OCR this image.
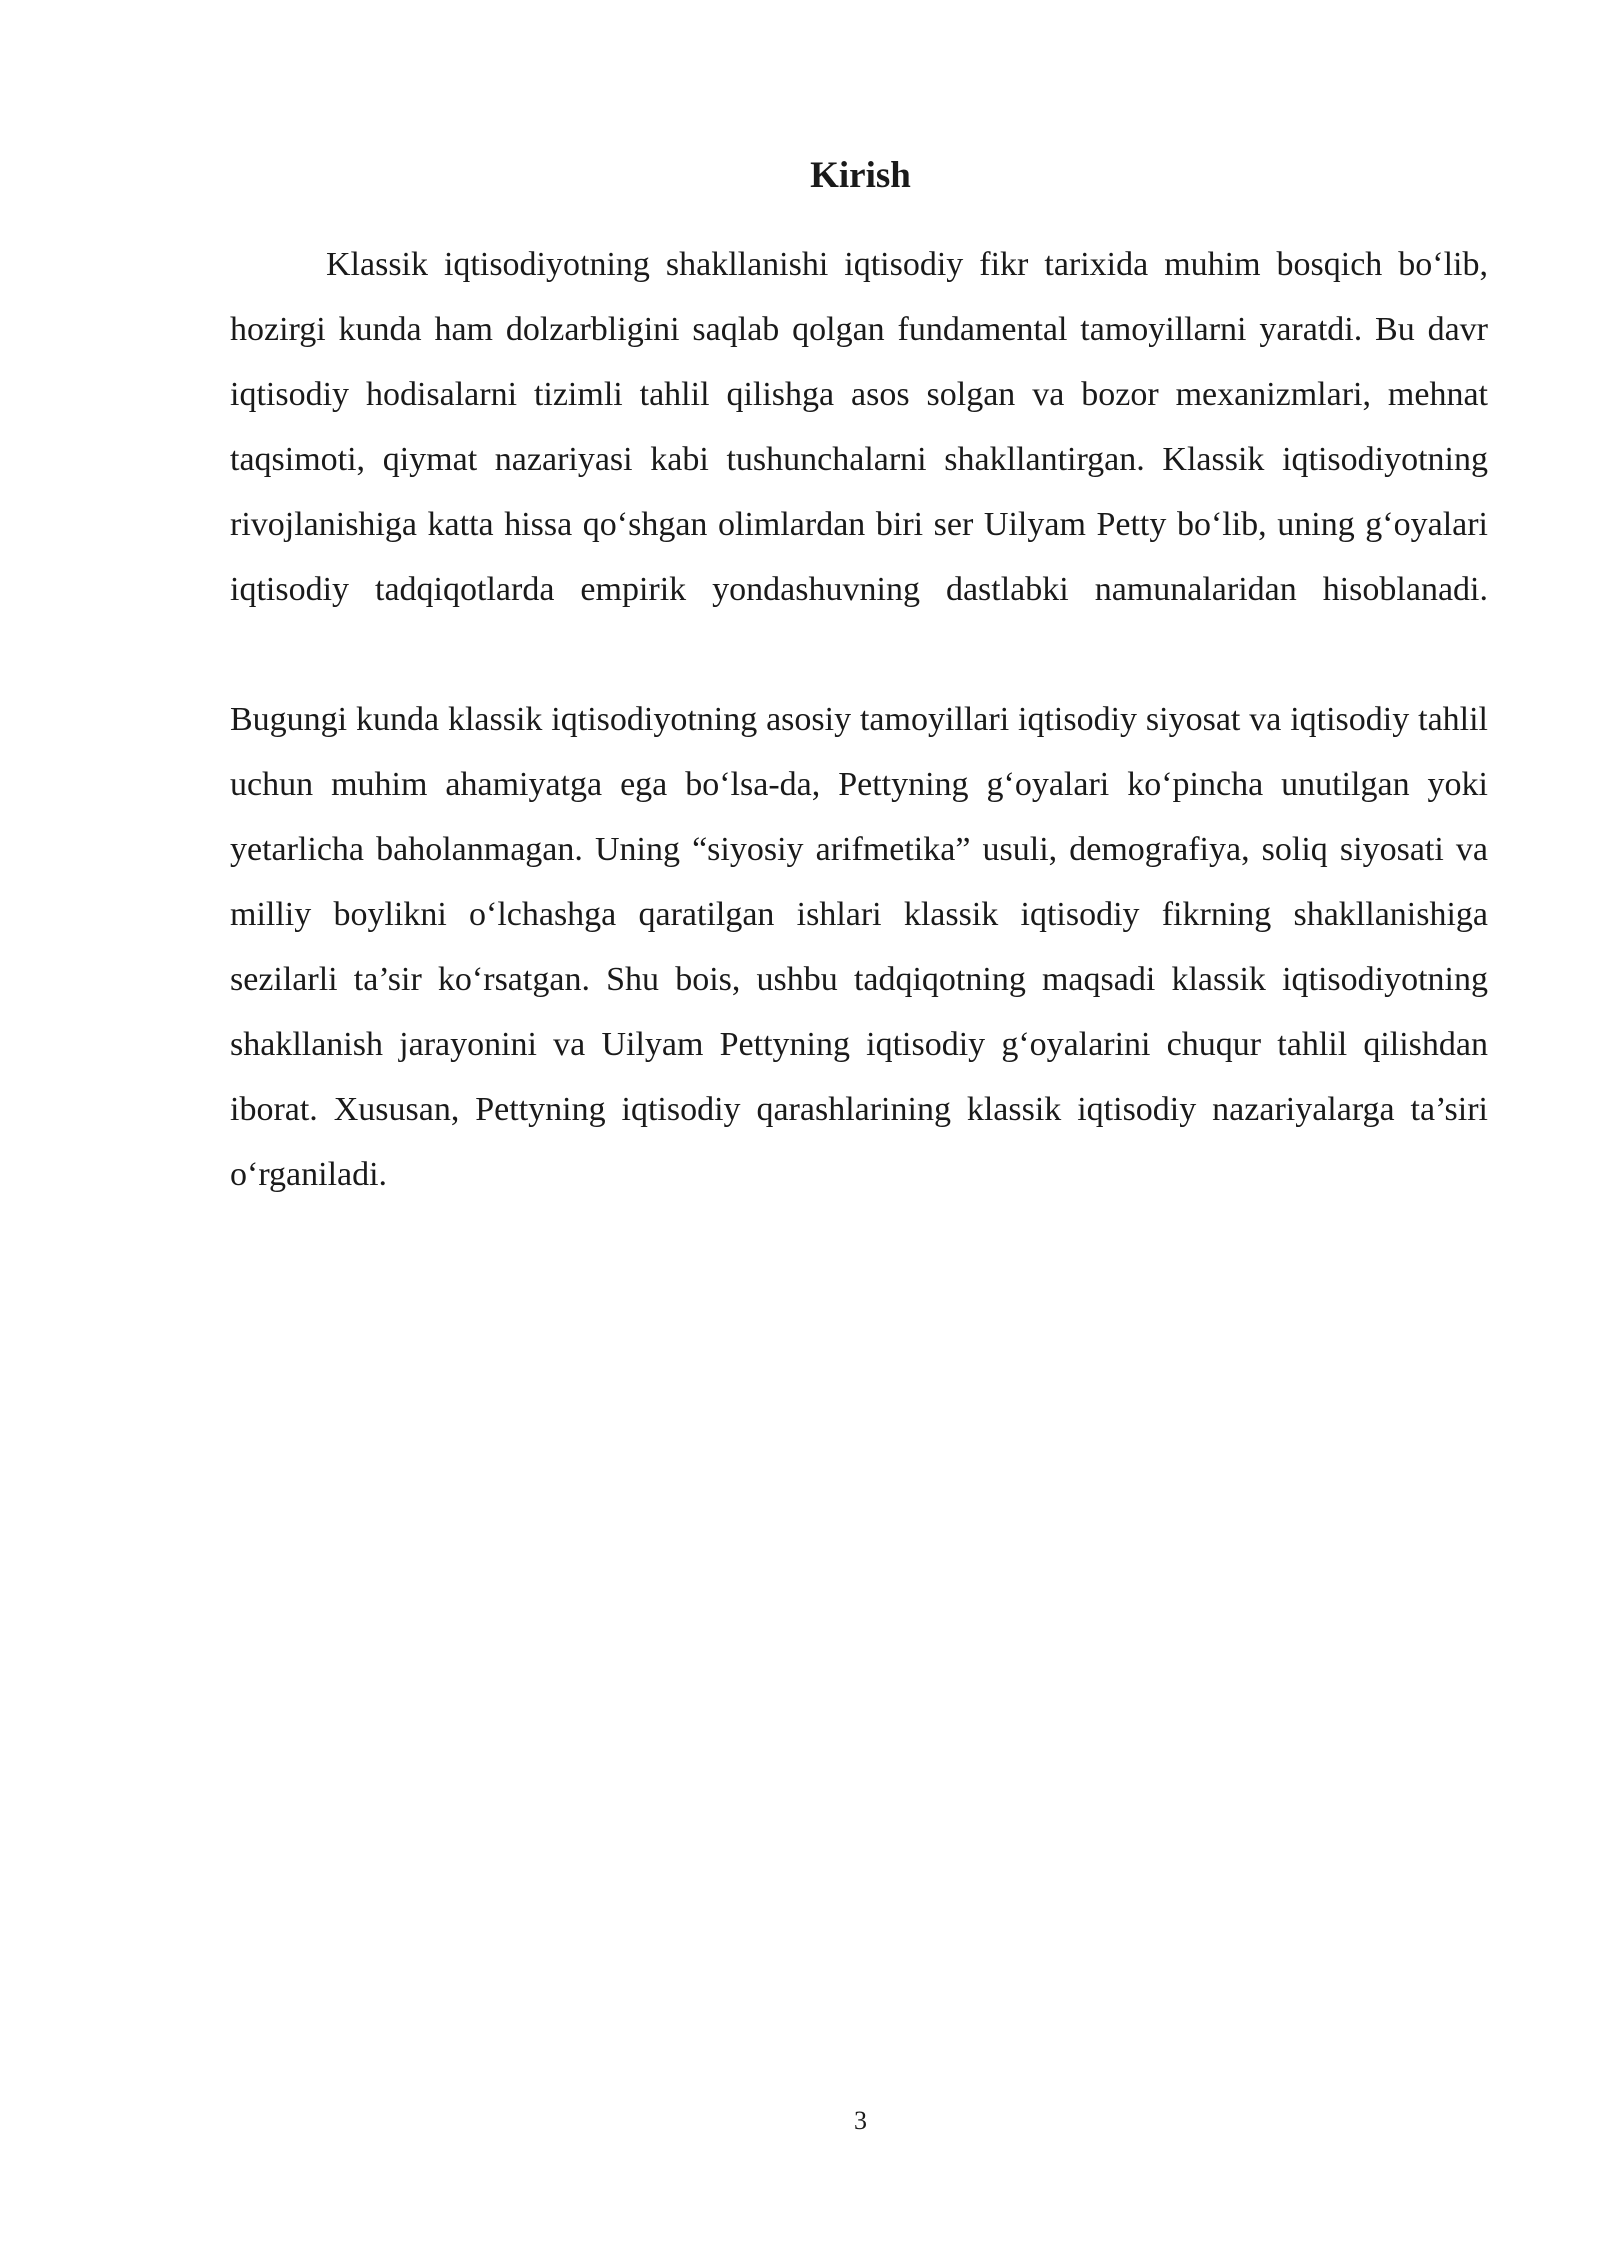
Kirish

Klassik iqtisodiyotning shakllanishi iqtisodiy fikr tarixida muhim bosqich bo‘lib, hozirgi kunda ham dolzarbligini saqlab qolgan fundamental tamoyillarni yaratdi. Bu davr iqtisodiy hodisalarni tizimli tahlil qilishga asos solgan va bozor mexanizmlari, mehnat taqsimoti, qiymat nazariyasi kabi tushunchalarni shakllantirgan. Klassik iqtisodiyotning rivojlanishiga katta hissa qo‘shgan olimlardan biri ser Uilyam Petty bo‘lib, uning g‘oyalari iqtisodiy tadqiqotlarda empirik yondashuvning dastlabki namunalaridan hisoblanadi.

Bugungi kunda klassik iqtisodiyotning asosiy tamoyillari iqtisodiy siyosat va iqtisodiy tahlil uchun muhim ahamiyatga ega bo‘lsa-da, Pettyning g‘oyalari ko‘pincha unutilgan yoki yetarlicha baholanmagan. Uning “siyosiy arifmetika” usuli, demografiya, soliq siyosati va milliy boylikni o‘lchashga qaratilgan ishlari klassik iqtisodiy fikrning shakllanishiga sezilarli ta’sir ko‘rsatgan. Shu bois, ushbu tadqiqotning maqsadi klassik iqtisodiyotning shakllanish jarayonini va Uilyam Pettyning iqtisodiy g‘oyalarini chuqur tahlil qilishdan iborat. Xususan, Pettyning iqtisodiy qarashlarining klassik iqtisodiy nazariyalarga ta’siri o‘rganiladi.

3
